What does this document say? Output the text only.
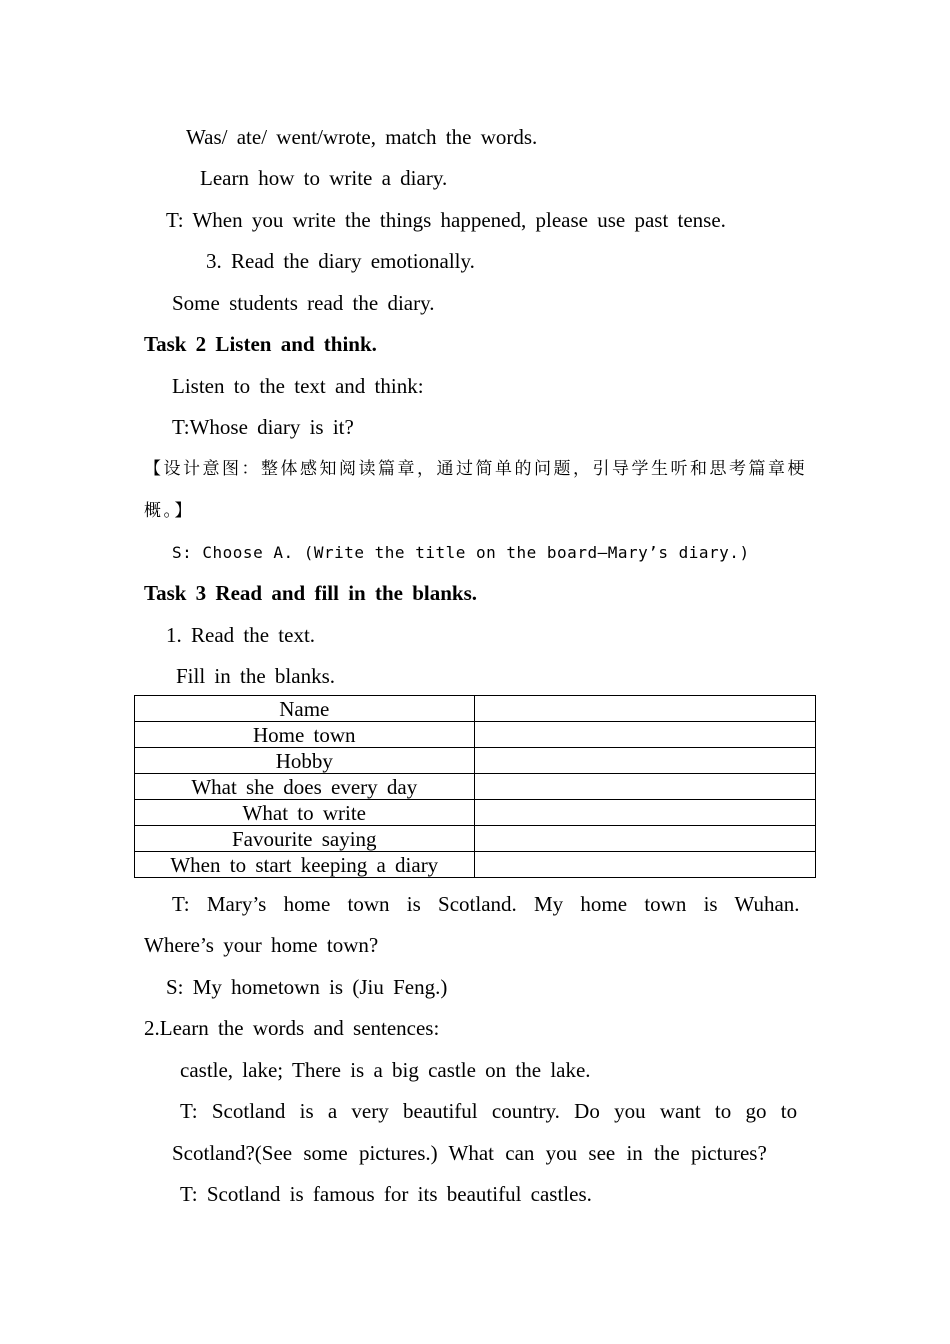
Was/ ate/ went/wrote, match the words.
Learn how to write a diary.
T: When you write the things happened, please use past tense.
3. Read the diary emotionally.
Some students read the diary.
Task 2 Listen and think.
Listen to the text and think:
T:Whose diary is it?
【设计意图：整体感知阅读篇章，通过简单的问题，引导学生听和思考篇章梗
概。】
S: Choose A. (Write the title on the board—Mary’s diary.)
Task 3 Read and fill in the blanks.
1. Read the text.
Fill in the blanks.
Name	
Home town	
Hobby	
What she does every day	
What to write	
Favourite saying	
When to start keeping a diary	
T: Mary’s home town is Scotland. My home town is Wuhan.
Where’s your home town?
S: My hometown is (Jiu Feng.)
2.Learn the words and sentences:
castle, lake; There is a big castle on the lake.
T: Scotland is a very beautiful country. Do you want to go to
Scotland?(See some pictures.) What can you see in the pictures?
T: Scotland is famous for its beautiful castles.
